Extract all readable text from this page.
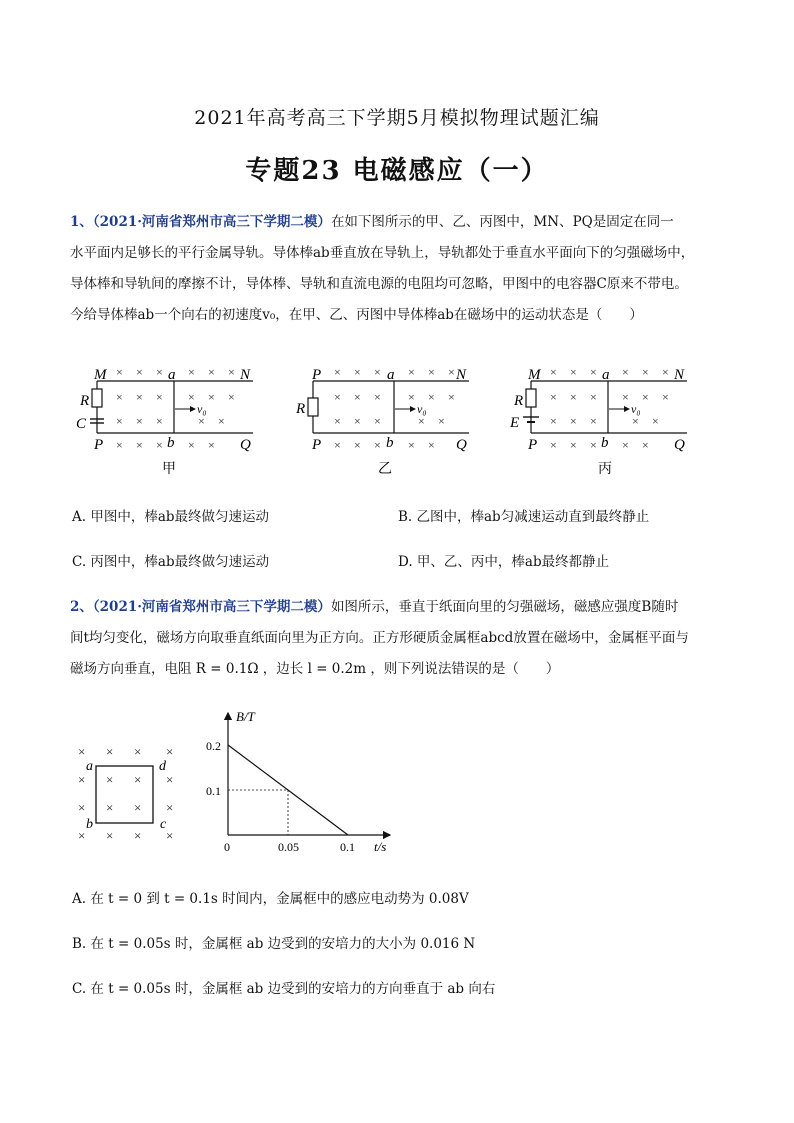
2021年高考高三下学期5月模拟物理试题汇编
专题23 电磁感应（一）
1、（2021·河南省郑州市高三下学期二模）在如下图所示的甲、乙、丙图中，MN、PQ是固定在同一
水平面内足够长的平行金属导轨。导体棒ab垂直放在导轨上，导轨都处于垂直水平面向下的匀强磁场中，
导体棒和导轨间的摩擦不计，导体棒、导轨和直流电源的电阻均可忽略，甲图中的电容器C原来不带电。
今给导体棒ab一个向右的初速度v₀，在甲、乙、丙图中导体棒ab在磁场中的运动状态是（　　）
M	N
P	Q
R
C
a
b
v₀
× × × × × ×
× × × × × ×
× × ×	× ×
× × × × ×
甲
P	N
P	Q
R
a
b
v₀
× × × × × ×
× × × × × ×
× × ×	× ×
× × × × ×
乙
M	N
P	Q
R
E
a
b
v₀
× × × × × ×
× × × × × ×
× × ×	× ×
× × × × ×
丙
A. 甲图中，棒ab最终做匀速运动	B. 乙图中，棒ab匀减速运动直到最终静止
C. 丙图中，棒ab最终做匀速运动	D. 甲、乙、丙中，棒ab最终都静止
2、（2021·河南省郑州市高三下学期二模）如图所示，垂直于纸面向里的匀强磁场，磁感应强度B随时
间t均匀变化，磁场方向取垂直纸面向里为正方向。正方形硬质金属框abcd放置在磁场中，金属框平面与
磁场方向垂直，电阻 R = 0.1Ω ，边长 l = 0.2m ，则下列说法错误的是（　　）
× × × ×
× × × ×
× × × ×
× × × ×
a	d
b	c
B/T
t/s
0
0.2
0.1
0.05	0.1
A. 在 t = 0 到 t = 0.1s 时间内，金属框中的感应电动势为 0.08V
B. 在 t = 0.05s 时，金属框 ab 边受到的安培力的大小为 0.016 N
C. 在 t = 0.05s 时，金属框 ab 边受到的安培力的方向垂直于 ab 向右
